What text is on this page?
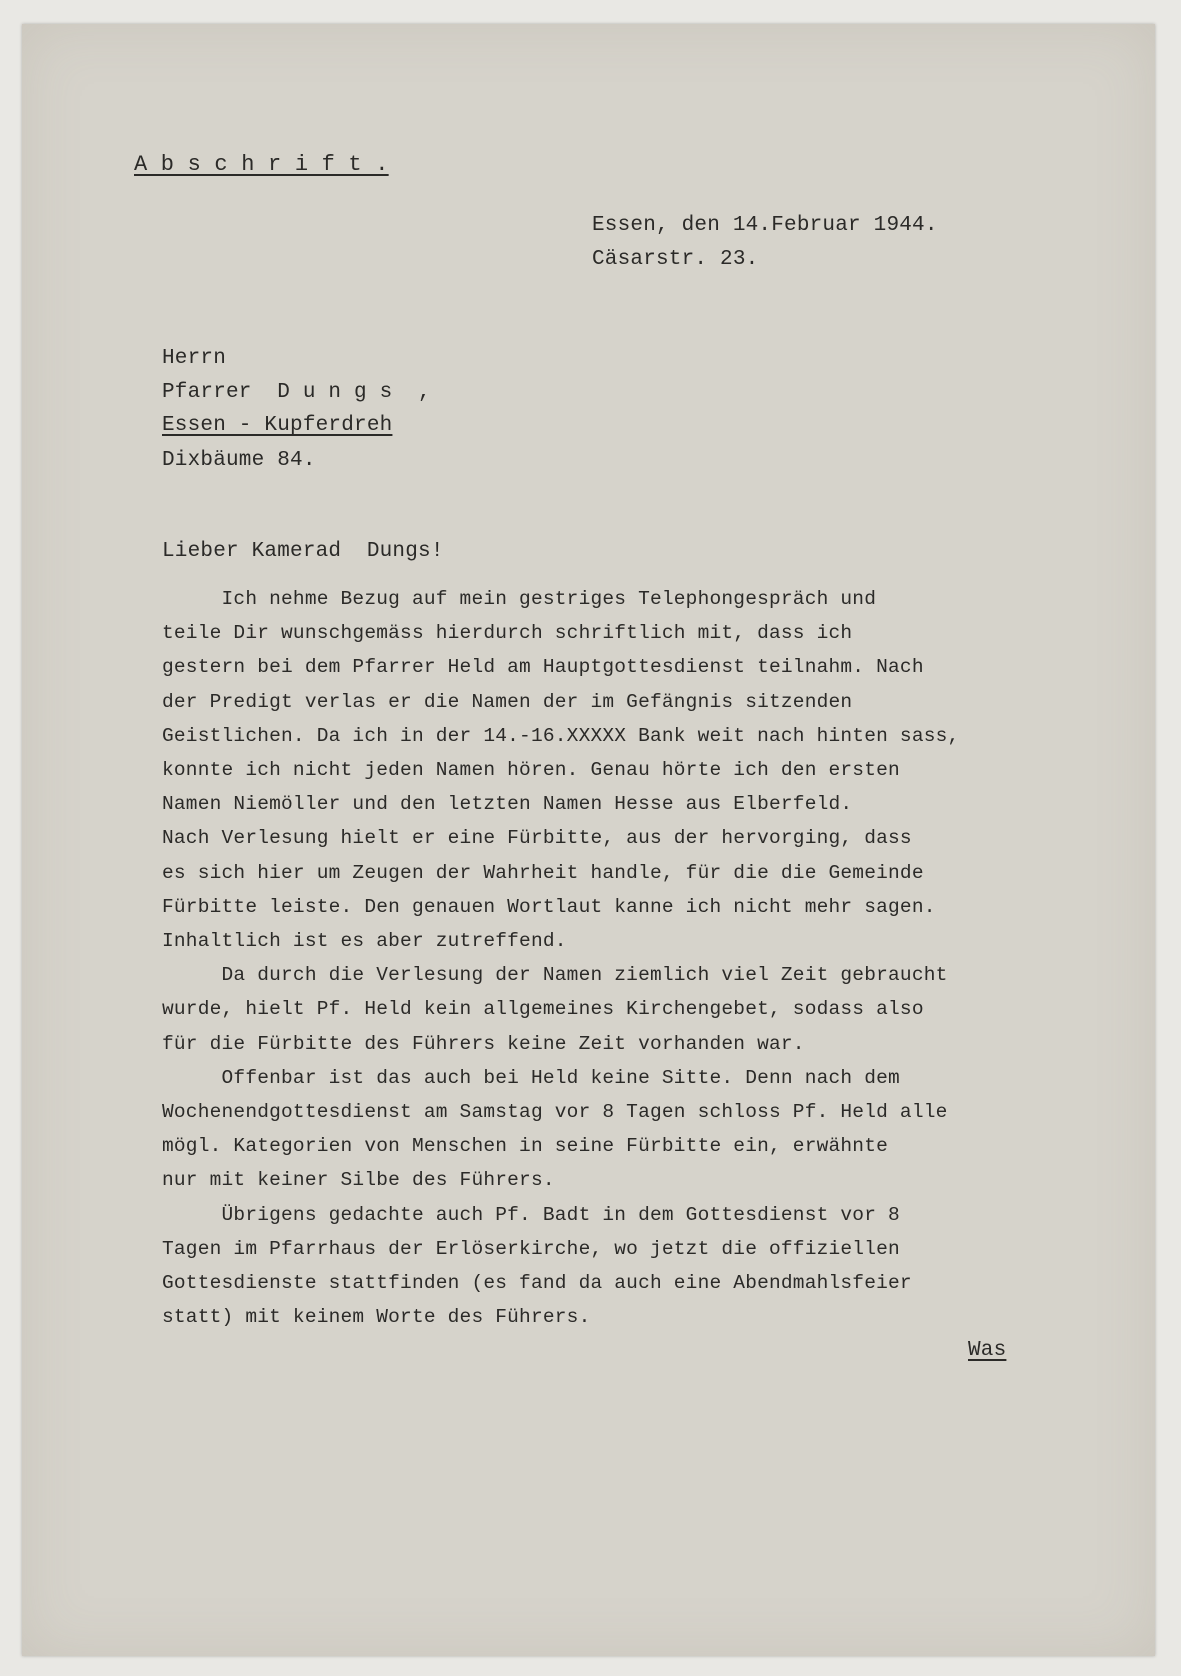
A b s c h r i f t .
Essen, den 14.Februar 1944.
Cäsarstr. 23.
Herrn
Pfarrer  D u n g s  ,
Essen - Kupferdreh
Dixbäume 84.
Lieber Kamerad  Dungs!

Ich nehme Bezug auf mein gestriges Telephongespräch und

teile Dir wunschgemäss hierdurch schriftlich mit, dass ich

gestern bei dem Pfarrer Held am Hauptgottesdienst teilnahm. Nach

der Predigt verlas er die Namen der im Gefängnis sitzenden

Geistlichen. Da ich in der 14.-16.XXXXX Bank weit nach hinten sass,

konnte ich nicht jeden Namen hören. Genau hörte ich den ersten

Namen Niemöller und den letzten Namen Hesse aus Elberfeld.

Nach Verlesung hielt er eine Fürbitte, aus der hervorging, dass

es sich hier um Zeugen der Wahrheit handle, für die die Gemeinde

Fürbitte leiste. Den genauen Wortlaut kanne ich nicht mehr sagen.

Inhaltlich ist es aber zutreffend.

Da durch die Verlesung der Namen ziemlich viel Zeit gebraucht

wurde, hielt Pf. Held kein allgemeines Kirchengebet, sodass also

für die Fürbitte des Führers keine Zeit vorhanden war.

Offenbar ist das auch bei Held keine Sitte. Denn nach dem

Wochenendgottesdienst am Samstag vor 8 Tagen schloss Pf. Held alle

mögl. Kategorien von Menschen in seine Fürbitte ein, erwähnte

nur mit keiner Silbe des Führers.

Übrigens gedachte auch Pf. Badt in dem Gottesdienst vor 8

Tagen im Pfarrhaus der Erlöserkirche, wo jetzt die offiziellen

Gottesdienste stattfinden (es fand da auch eine Abendmahlsfeier

statt) mit keinem Worte des Führers.

Was
